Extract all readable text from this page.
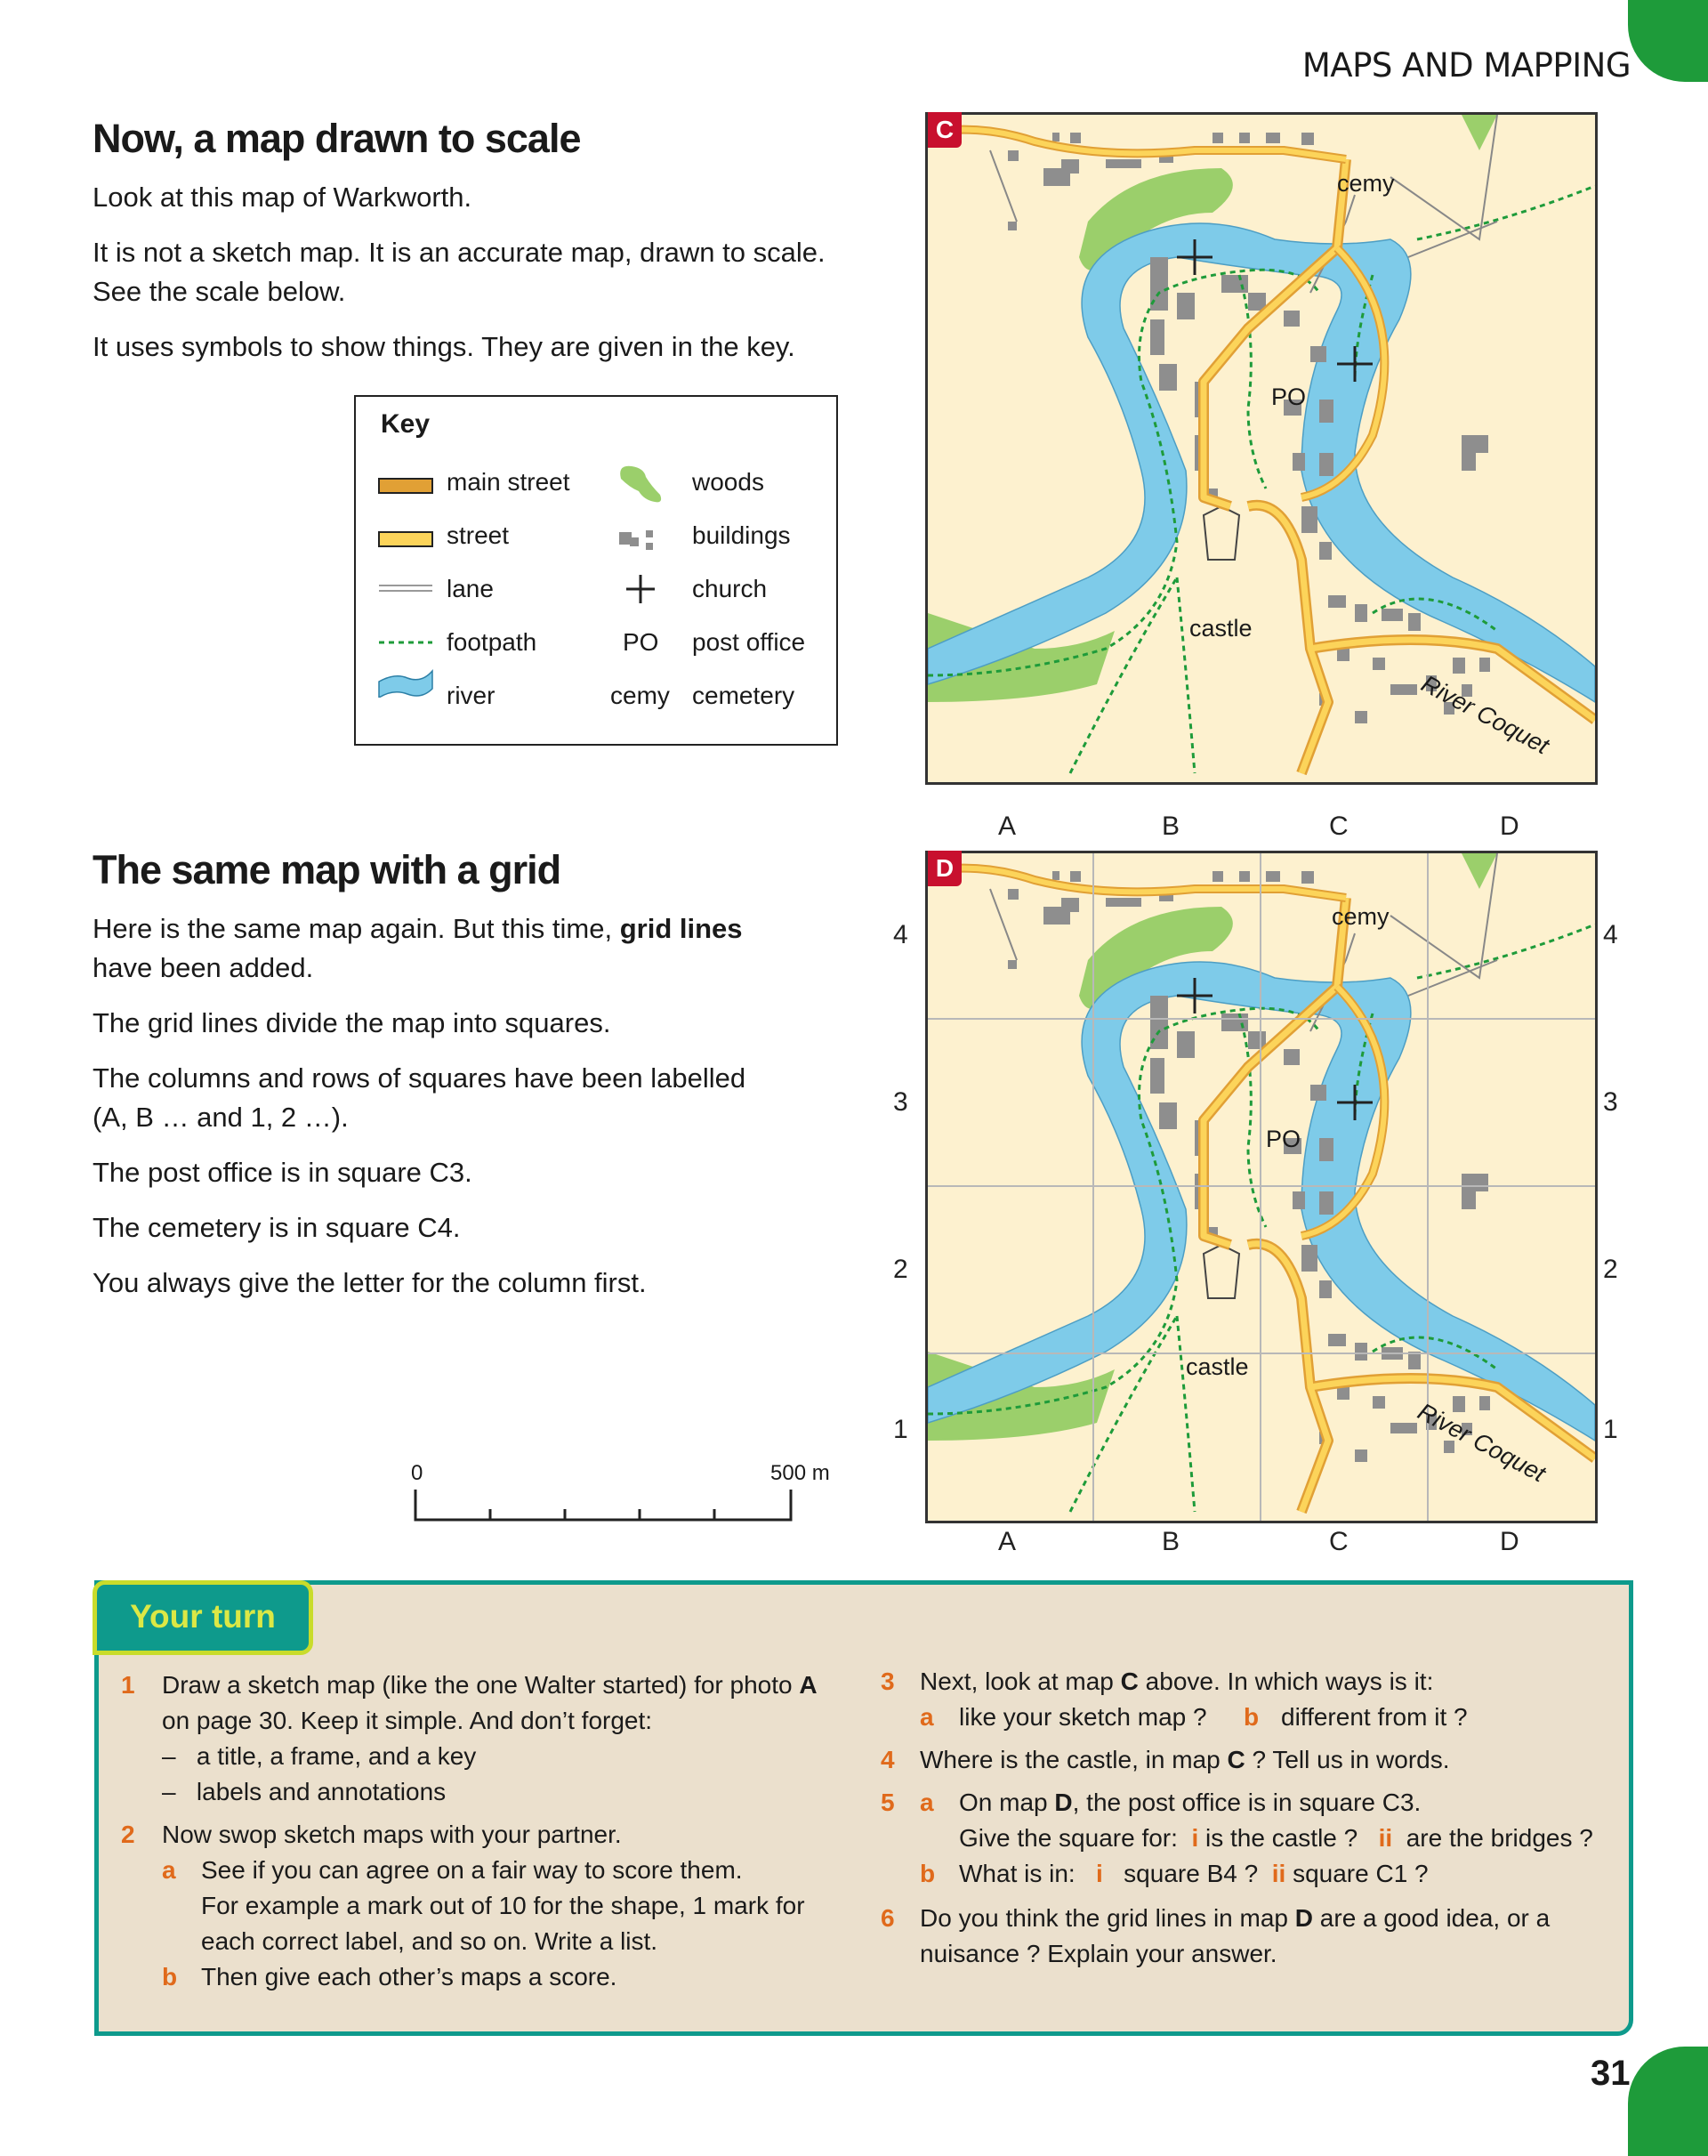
MAPS AND MAPPING
Now, a map drawn to scale

Look at this map of Warkworth.

It is not a sketch map. It is an accurate map, drawn to scale.

See the scale below.

It uses symbols to show things. They are given in the key.

Key
main street
street
lane
footpath
river
woods
buildings
church
PO post office
cemy cemetery
The same map with a grid

Here is the same map again. But this time, grid lines

have been added.

The grid lines divide the map into squares.

The columns and rows of squares have been labelled

(A, B … and 1, 2 …).

The post office is in square C3.

The cemetery is in square C4.

You always give the letter for the column first.

0	500 m
cemy
PO
castle
River Coquet
C
cemy
PO
castle
River Coquet
D
A	B	C	D
A	B	C	D
4
3
2
1
4
3
2
1
Your turn
1 Draw a sketch map (like the one Walter started) for photo A
on page 30. Keep it simple. And don’t forget:
–   a title, a frame, and a key
–   labels and annotations
2 Now swop sketch maps with your partner.
a See if you can agree on a fair way to score them.
For example a mark out of 10 for the shape, 1 mark for
each correct label, and so on. Write a list.
b Then give each other’s maps a score.
3 Next, look at map C above. In which ways is it:
a like your sketch map ? b different from it ?
4 Where is the castle, in map C ? Tell us in words.
5 a On map D, the post office is in square C3.
Give the square for:  i is the castle ? ii are the bridges ?
b What is in:   i square B4 ? ii square C1 ?
6 Do you think the grid lines in map D are a good idea, or a
nuisance ? Explain your answer.
31
